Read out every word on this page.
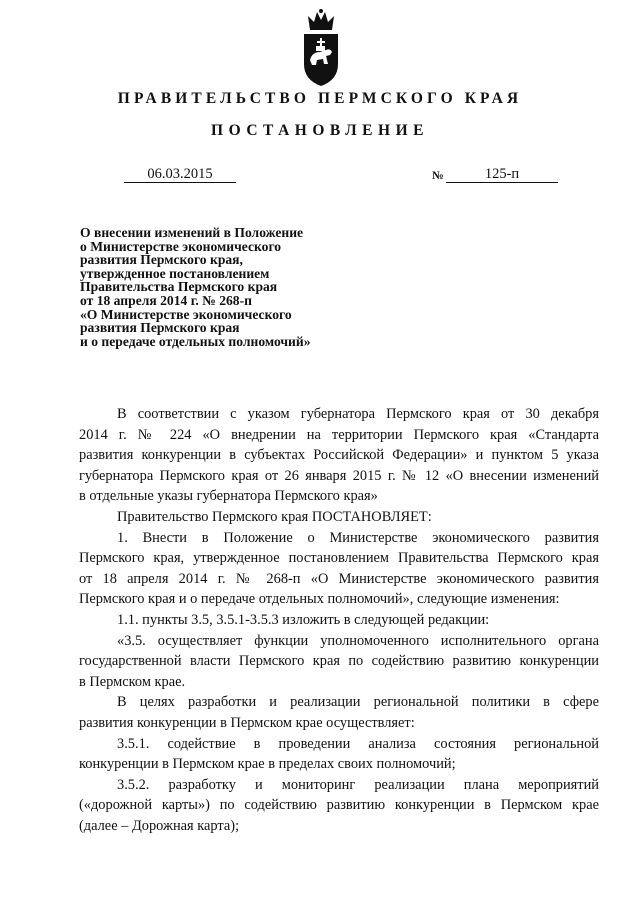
ПРАВИТЕЛЬСТВО ПЕРМСКОГО КРАЯ
ПОСТАНОВЛЕНИЕ
06.03.2015	№	125-п
О внесении изменений в Положение
о Министерстве экономического
развития Пермского края,
утвержденное постановлением
Правительства Пермского края
от 18 апреля 2014 г. № 268-п
«О Министерстве экономического
развития Пермского края
и о передаче отдельных полномочий»
В соответствии с указом губернатора Пермского края от 30 декабря
2014 г. № 224 «О внедрении на территории Пермского края «Стандарта
развития конкуренции в субъектах Российской Федерации» и пунктом 5 указа
губернатора Пермского края от 26 января 2015 г. № 12 «О внесении изменений
в отдельные указы губернатора Пермского края»
Правительство Пермского края ПОСТАНОВЛЯЕТ:
1. Внести в Положение о Министерстве экономического развития
Пермского края, утвержденное постановлением Правительства Пермского края
от 18 апреля 2014 г. № 268-п «О Министерстве экономического развития
Пермского края и о передаче отдельных полномочий», следующие изменения:
1.1. пункты 3.5, 3.5.1-3.5.3 изложить в следующей редакции:
«3.5. осуществляет функции уполномоченного исполнительного органа
государственной власти Пермского края по содействию развитию конкуренции
в Пермском крае.
В целях разработки и реализации региональной политики в сфере
развития конкуренции в Пермском крае осуществляет:
3.5.1. содействие в проведении анализа состояния региональной
конкуренции в Пермском крае в пределах своих полномочий;
3.5.2. разработку и мониторинг реализации плана мероприятий
(«дорожной карты») по содействию развитию конкуренции в Пермском крае
(далее – Дорожная карта);
